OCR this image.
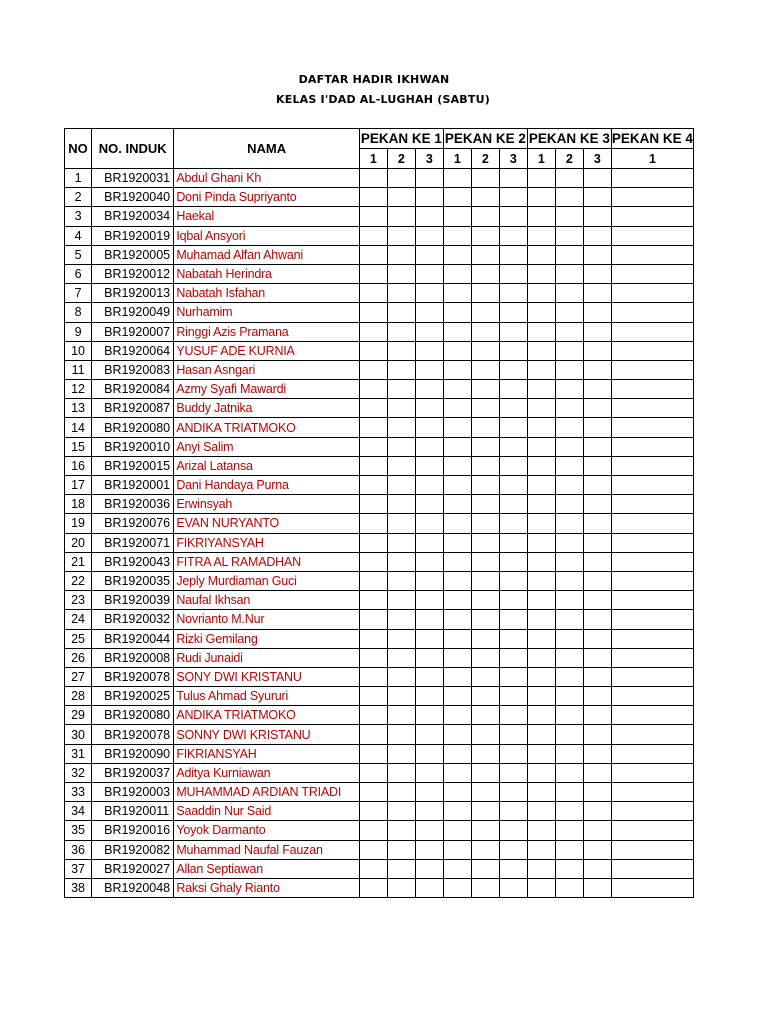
DAFTAR HADIR IKHWAN
KELAS I'DAD AL-LUGHAH (SABTU)
NO	NO. INDUK	NAMA	PEKAN KE 1			PEKAN KE 2			PEKAN KE 3			PEKAN KE 4
			1	2	3	1	2	3	1	2	3	1
1	BR1920031	Abdul Ghani Kh										
2	BR1920040	Doni Pinda Supriyanto										
3	BR1920034	Haekal										
4	BR1920019	Iqbal Ansyori										
5	BR1920005	Muhamad Alfan Ahwani										
6	BR1920012	Nabatah Herindra										
7	BR1920013	Nabatah Isfahan										
8	BR1920049	Nurhamim										
9	BR1920007	Ringgi Azis Pramana										
10	BR1920064	YUSUF ADE KURNIA										
11	BR1920083	Hasan Asngari										
12	BR1920084	Azmy Syafi Mawardi										
13	BR1920087	Buddy Jatnika										
14	BR1920080	ANDIKA TRIATMOKO										
15	BR1920010	Anyi Salim										
16	BR1920015	Arizal Latansa										
17	BR1920001	Dani Handaya Purna										
18	BR1920036	Erwinsyah										
19	BR1920076	EVAN NURYANTO										
20	BR1920071	FIKRIYANSYAH										
21	BR1920043	FITRA AL RAMADHAN										
22	BR1920035	Jeply Murdiaman Guci										
23	BR1920039	Naufal Ikhsan										
24	BR1920032	Novrianto M.Nur										
25	BR1920044	Rizki Gemilang										
26	BR1920008	Rudi Junaidi										
27	BR1920078	SONY DWI KRISTANU										
28	BR1920025	Tulus Ahmad Syururi										
29	BR1920080	ANDIKA TRIATMOKO										
30	BR1920078	SONNY DWI KRISTANU										
31	BR1920090	FIKRIANSYAH										
32	BR1920037	Aditya Kurniawan										
33	BR1920003	MUHAMMAD ARDIAN TRIADI										
34	BR1920011	Saaddin Nur Said										
35	BR1920016	Yoyok Darmanto										
36	BR1920082	Muhammad Naufal Fauzan										
37	BR1920027	Allan Septiawan										
38	BR1920048	Raksi Ghaly Rianto										
